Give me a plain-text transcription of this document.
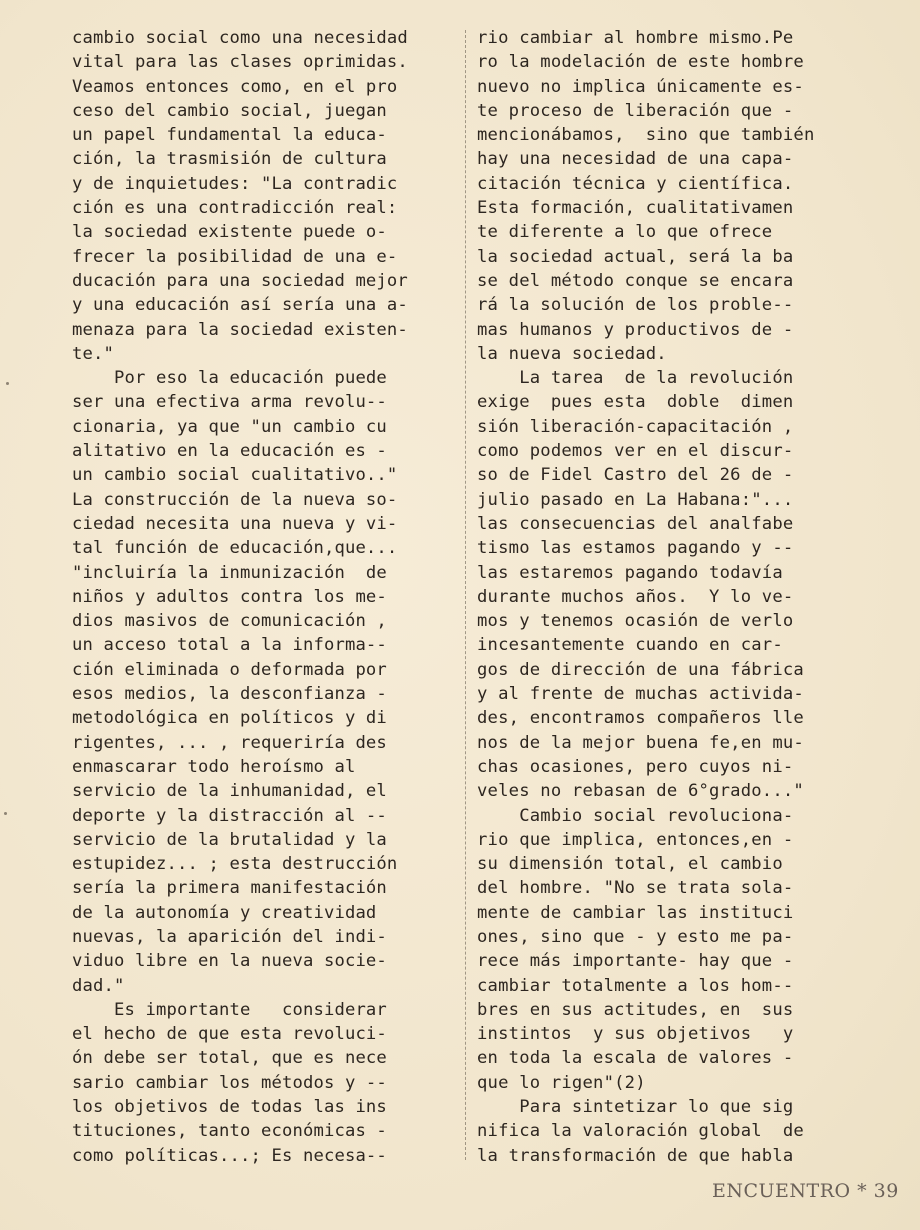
cambio social como una necesidad
vital para las clases oprimidas.
Veamos entonces como, en el pro
ceso del cambio social, juegan
un papel fundamental la educa-
ción, la trasmisión de cultura
y de inquietudes: "La contradic
ción es una contradicción real:
la sociedad existente puede o-
frecer la posibilidad de una e-
ducación para una sociedad mejor
y una educación así sería una a-
menaza para la sociedad existen-
te."
Por eso la educación puede
ser una efectiva arma revolu--
cionaria, ya que "un cambio cu
alitativo en la educación es -
un cambio social cualitativo.."
La construcción de la nueva so-
ciedad necesita una nueva y vi-
tal función de educación,que...
"incluiría la inmunización  de
niños y adultos contra los me-
dios masivos de comunicación ,
un acceso total a la informa--
ción eliminada o deformada por
esos medios, la desconfianza -
metodológica en políticos y di
rigentes, ... , requeriría des
enmascarar todo heroísmo al
servicio de la inhumanidad, el
deporte y la distracción al --
servicio de la brutalidad y la
estupidez... ; esta destrucción
sería la primera manifestación
de la autonomía y creatividad
nuevas, la aparición del indi-
viduo libre en la nueva socie-
dad."
Es importante   considerar
el hecho de que esta revoluci-
ón debe ser total, que es nece
sario cambiar los métodos y --
los objetivos de todas las ins
tituciones, tanto económicas -
como políticas...; Es necesa--
rio cambiar al hombre mismo.Pe
ro la modelación de este hombre
nuevo no implica únicamente es-
te proceso de liberación que -
mencionábamos,  sino que también
hay una necesidad de una capa-
citación técnica y científica.
Esta formación, cualitativamen
te diferente a lo que ofrece
la sociedad actual, será la ba
se del método conque se encara
rá la solución de los proble--
mas humanos y productivos de -
la nueva sociedad.
La tarea  de la revolución
exige  pues esta  doble  dimen
sión liberación-capacitación ,
como podemos ver en el discur-
so de Fidel Castro del 26 de -
julio pasado en La Habana:"...
las consecuencias del analfabe
tismo las estamos pagando y --
las estaremos pagando todavía
durante muchos años.  Y lo ve-
mos y tenemos ocasión de verlo
incesantemente cuando en car-
gos de dirección de una fábrica
y al frente de muchas activida-
des, encontramos compañeros lle
nos de la mejor buena fe,en mu-
chas ocasiones, pero cuyos ni-
veles no rebasan de 6°grado..."
Cambio social revoluciona-
rio que implica, entonces,en -
su dimensión total, el cambio
del hombre. "No se trata sola-
mente de cambiar las instituci
ones, sino que - y esto me pa-
rece más importante- hay que -
cambiar totalmente a los hom--
bres en sus actitudes, en  sus
instintos  y sus objetivos   y
en toda la escala de valores -
que lo rigen"(2)
Para sintetizar lo que sig
nifica la valoración global  de
la transformación de que habla
ENCUENTRO * 39
